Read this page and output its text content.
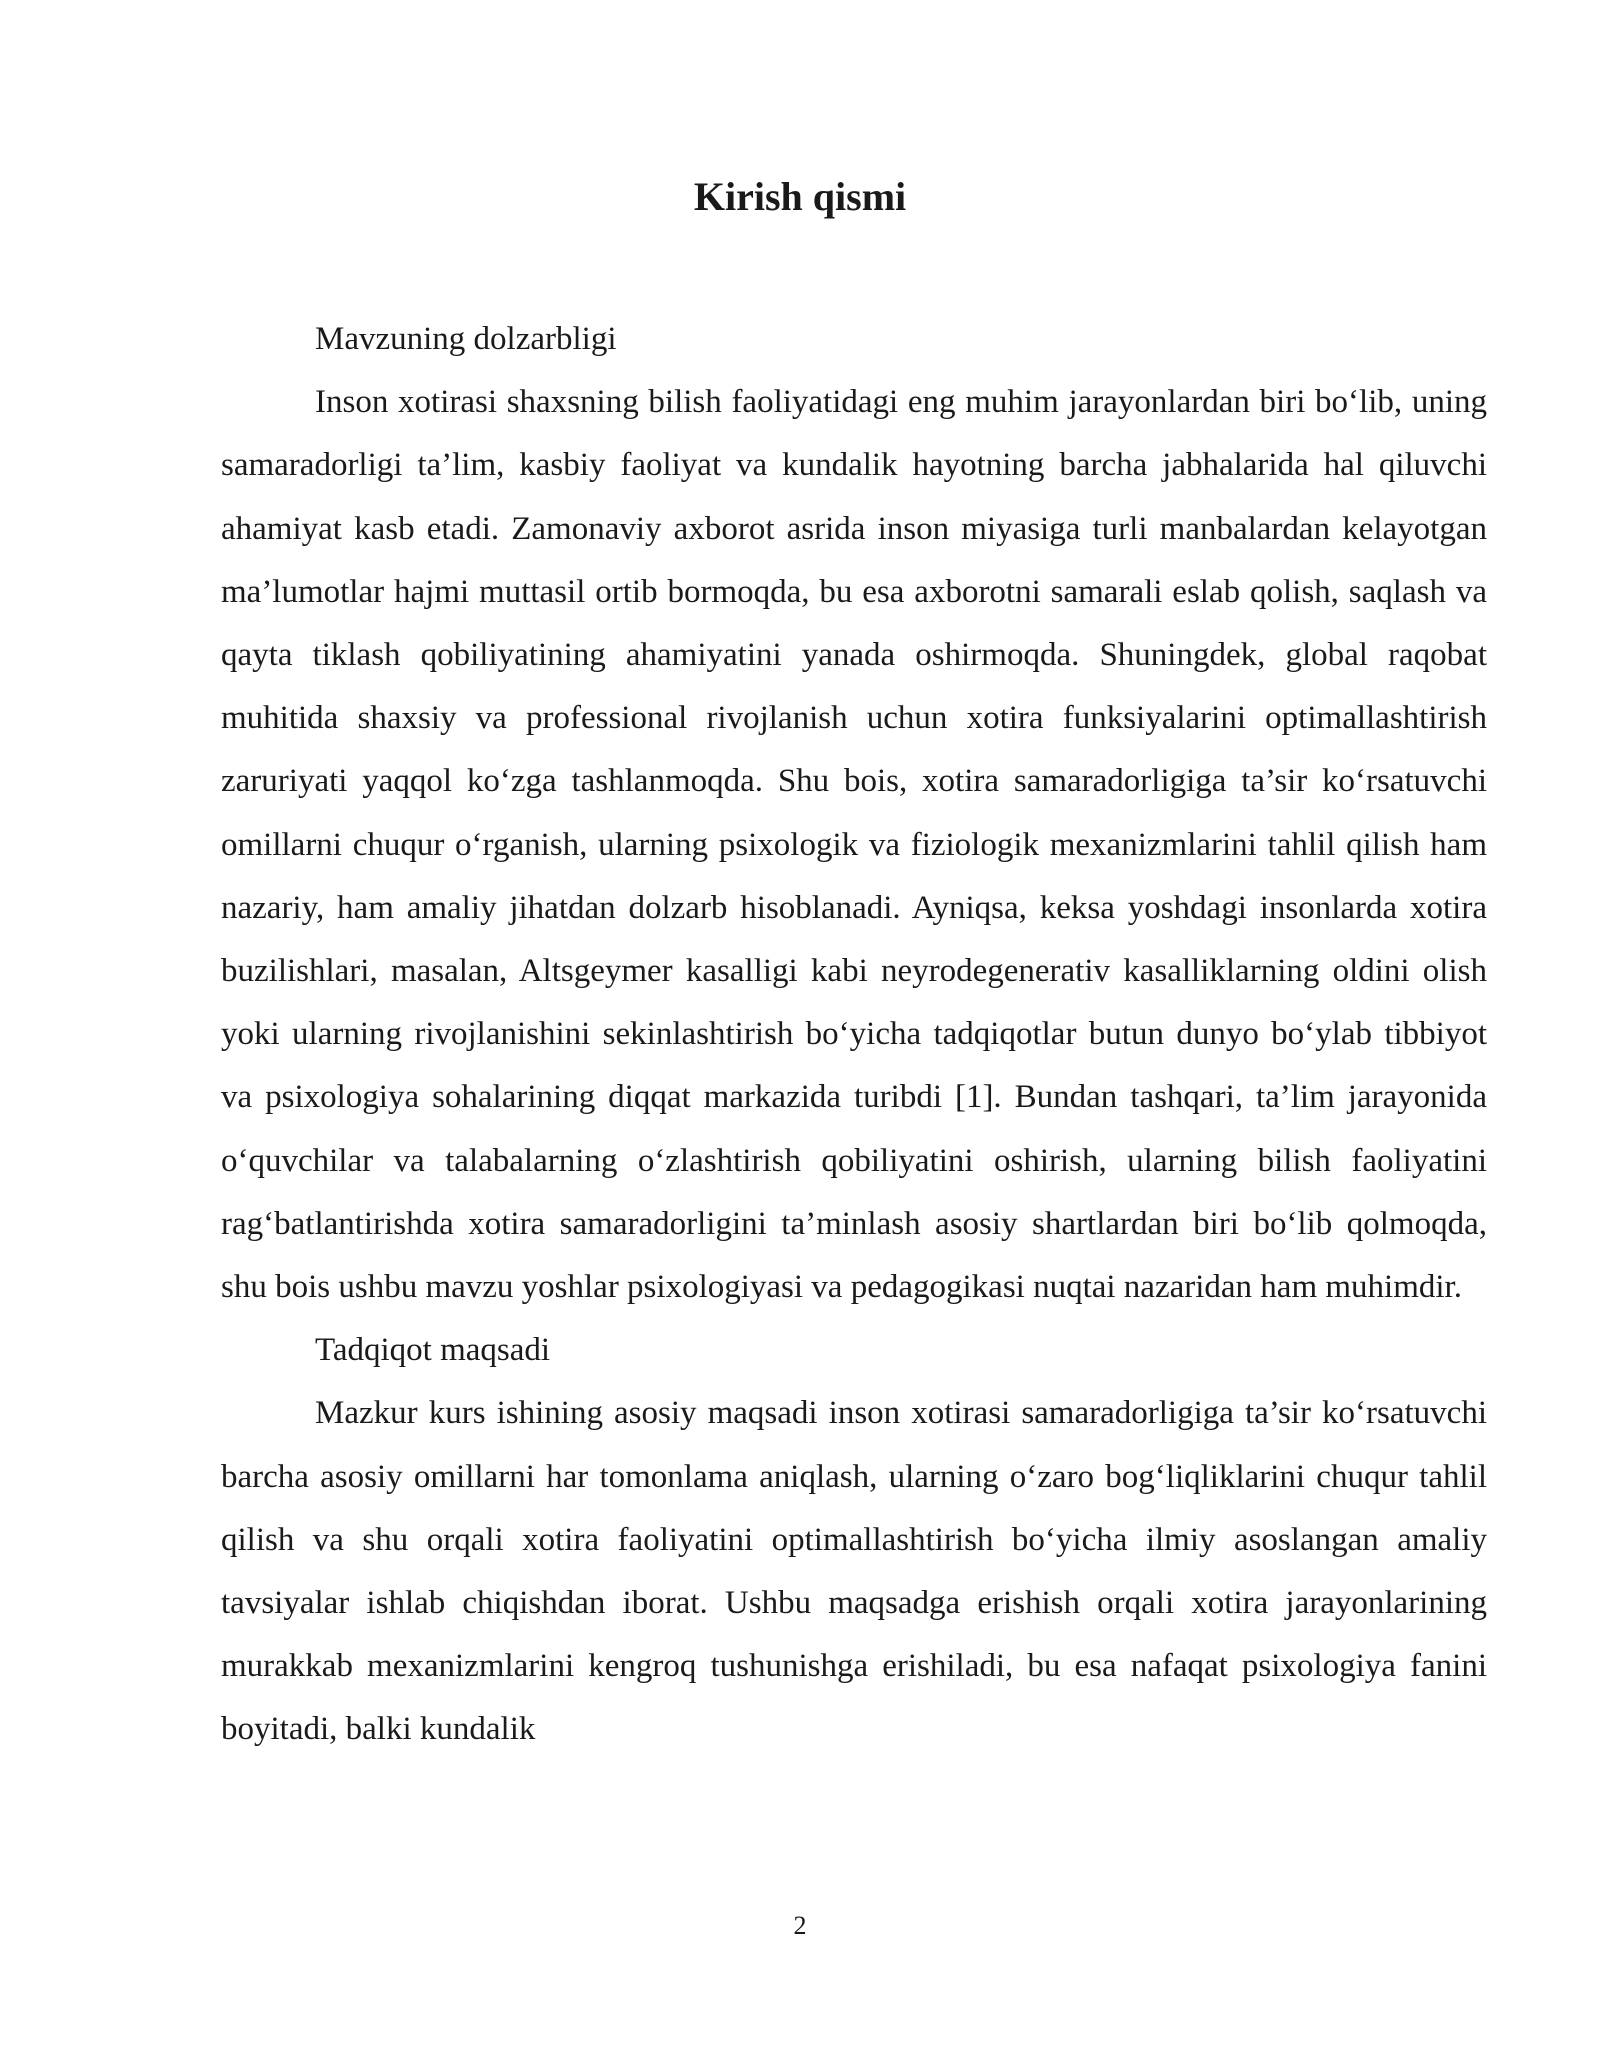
Kirish qismi

Mavzuning dolzarbligi

Inson xotirasi shaxsning bilish faoliyatidagi eng muhim jarayonlardan biri bo‘lib, uning samaradorligi ta’lim, kasbiy faoliyat va kundalik hayotning barcha jabhalarida hal qiluvchi ahamiyat kasb etadi. Zamonaviy axborot asrida inson miyasiga turli manbalardan kelayotgan ma’lumotlar hajmi muttasil ortib bormoqda, bu esa axborotni samarali eslab qolish, saqlash va qayta tiklash qobiliyatining ahamiyatini yanada oshirmoqda. Shuningdek, global raqobat muhitida shaxsiy va professional rivojlanish uchun xotira funksiyalarini optimallashtirish zaruriyati yaqqol ko‘zga tashlanmoqda. Shu bois, xotira samaradorligiga ta’sir ko‘rsatuvchi omillarni chuqur o‘rganish, ularning psixologik va fiziologik mexanizmlarini tahlil qilish ham nazariy, ham amaliy jihatdan dolzarb hisoblanadi. Ayniqsa, keksa yoshdagi insonlarda xotira buzilishlari, masalan, Altsgeymer kasalligi kabi neyrodegenerativ kasalliklarning oldini olish yoki ularning rivojlanishini sekinlashtirish bo‘yicha tadqiqotlar butun dunyo bo‘ylab tibbiyot va psixologiya sohalarining diqqat markazida turibdi [1]. Bundan tashqari, ta’lim jarayonida o‘quvchilar va talabalarning o‘zlashtirish qobiliyatini oshirish, ularning bilish faoliyatini rag‘batlantirishda xotira samaradorligini ta’minlash asosiy shartlardan biri bo‘lib qolmoqda, shu bois ushbu mavzu yoshlar psixologiyasi va pedagogikasi nuqtai nazaridan ham muhimdir.

Tadqiqot maqsadi

Mazkur kurs ishining asosiy maqsadi inson xotirasi samaradorligiga ta’sir ko‘rsatuvchi barcha asosiy omillarni har tomonlama aniqlash, ularning o‘zaro bog‘liqliklarini chuqur tahlil qilish va shu orqali xotira faoliyatini optimallashtirish bo‘yicha ilmiy asoslangan amaliy tavsiyalar ishlab chiqishdan iborat. Ushbu maqsadga erishish orqali xotira jarayonlarining murakkab mexanizmlarini kengroq tushunishga erishiladi, bu esa nafaqat psixologiya fanini boyitadi, balki kundalik

2
